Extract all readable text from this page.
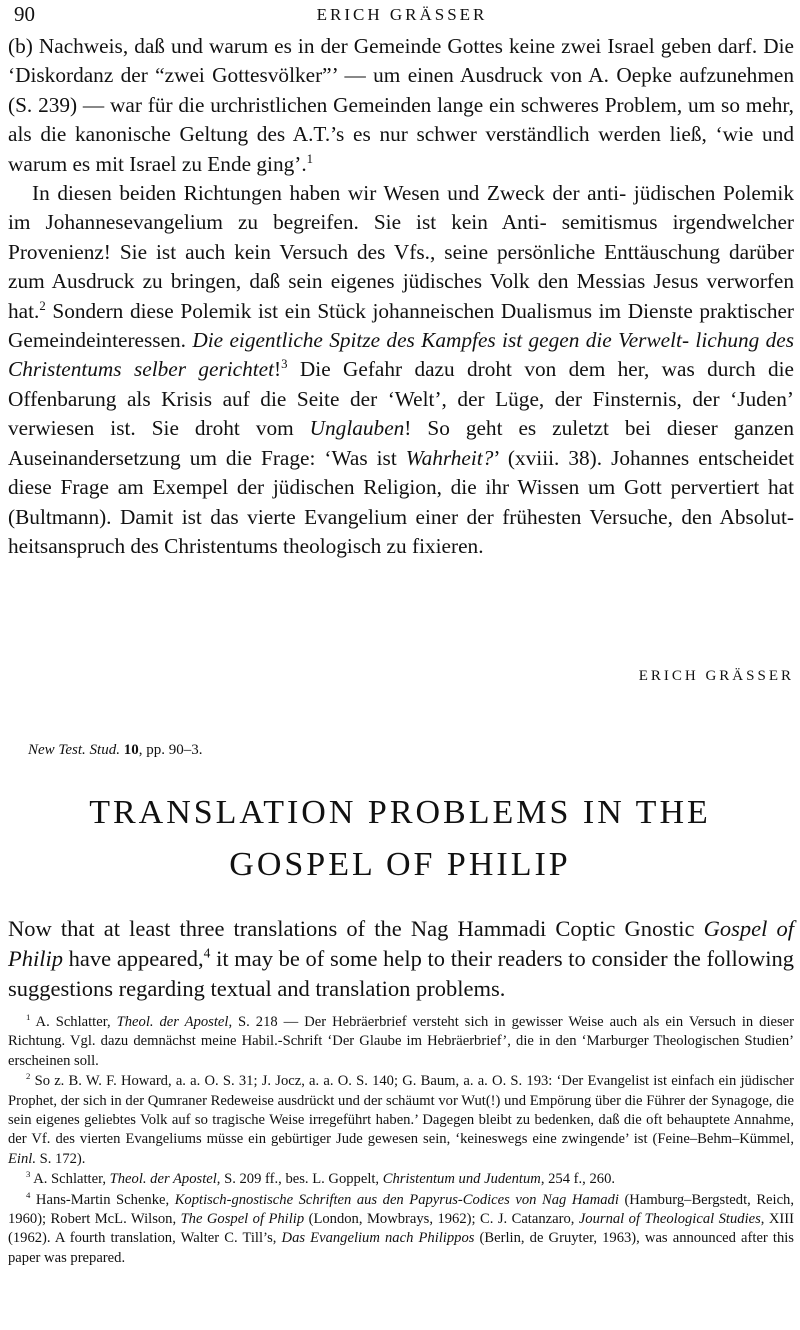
90	ERICH GRÄSSER

(b) Nachweis, daß und warum es in der Gemeinde Gottes keine zwei Israel geben darf. Die ‘Diskordanz der “zwei Gottesvölker”’ — um einen Ausdruck von A. Oepke aufzunehmen (S. 239) — war für die urchristlichen Gemeinden lange ein schweres Problem, um so mehr, als die kanonische Geltung des A.T.’s es nur schwer verständlich werden ließ, ‘wie und warum es mit Israel zu Ende ging’.$^1$

In diesen beiden Richtungen haben wir Wesen und Zweck der anti- jüdischen Polemik im Johannesevangelium zu begreifen. Sie ist kein Anti- semitismus irgendwelcher Provenienz! Sie ist auch kein Versuch des Vfs., seine persönliche Enttäuschung darüber zum Ausdruck zu bringen, daß sein eigenes jüdisches Volk den Messias Jesus verworfen hat.$^2$ Sondern diese Polemik ist ein Stück johanneischen Dualismus im Dienste praktischer Gemeindeinteressen. Die eigentliche Spitze des Kampfes ist gegen die Verwelt- lichung des Christentums selber gerichtet!$^3$ Die Gefahr dazu droht von dem her, was durch die Offenbarung als Krisis auf die Seite der ‘Welt’, der Lüge, der Finsternis, der ‘Juden’ verwiesen ist. Sie droht vom Unglauben! So geht es zuletzt bei dieser ganzen Auseinandersetzung um die Frage: ‘Was ist Wahrheit?’ (xviii. 38). Johannes entscheidet diese Frage am Exempel der jüdischen Religion, die ihr Wissen um Gott pervertiert hat (Bultmann). Damit ist das vierte Evangelium einer der frühesten Versuche, den Absolut- heitsanspruch des Christentums theologisch zu fixieren.

ERICH GRÄSSER
New Test. Stud. 10, pp. 90–3.
TRANSLATION PROBLEMS IN THE
GOSPEL OF PHILIP
Now that at least three translations of the Nag Hammadi Coptic Gnostic Gospel of Philip have appeared,$^4$ it may be of some help to their readers to consider the following suggestions regarding textual and translation problems.

$^1$ A. Schlatter, Theol. der Apostel, S. 218 — Der Hebräerbrief versteht sich in gewisser Weise auch als ein Versuch in dieser Richtung. Vgl. dazu demnächst meine Habil.-Schrift ‘Der Glaube im Hebräerbrief’, die in den ‘Marburger Theologischen Studien’ erscheinen soll.

$^2$ So z. B. W. F. Howard, a. a. O. S. 31; J. Jocz, a. a. O. S. 140; G. Baum, a. a. O. S. 193: ‘Der Evangelist ist einfach ein jüdischer Prophet, der sich in der Qumraner Redeweise ausdrückt und der schäumt vor Wut(!) und Empörung über die Führer der Synagoge, die sein eigenes geliebtes Volk auf so tragische Weise irregeführt haben.’ Dagegen bleibt zu bedenken, daß die oft behauptete Annahme, der Vf. des vierten Evangeliums müsse ein gebürtiger Jude gewesen sein, ‘keineswegs eine zwingende’ ist (Feine–Behm–Kümmel, Einl. S. 172).

$^3$ A. Schlatter, Theol. der Apostel, S. 209 ff., bes. L. Goppelt, Christentum und Judentum, 254 f., 260.

$^4$ Hans-Martin Schenke, Koptisch-gnostische Schriften aus den Papyrus-Codices von Nag Hamadi (Hamburg–Bergstedt, Reich, 1960); Robert McL. Wilson, The Gospel of Philip (London, Mowbrays, 1962); C. J. Catanzaro, Journal of Theological Studies, XIII (1962). A fourth translation, Walter C. Till’s, Das Evangelium nach Philippos (Berlin, de Gruyter, 1963), was announced after this paper was prepared.
